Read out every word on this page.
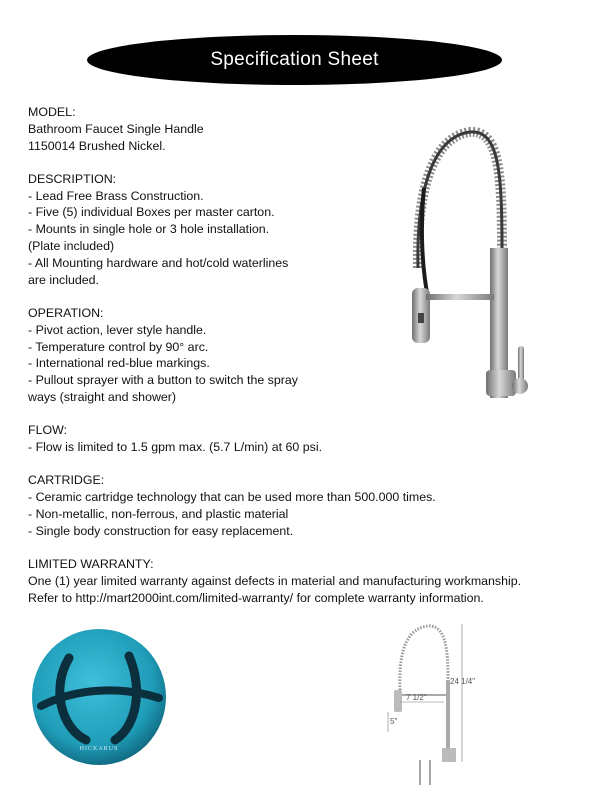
Specification Sheet
MODEL:
Bathroom Faucet Single Handle
1150014 Brushed Nickel.
DESCRIPTION:
- Lead Free Brass Construction.
- Five (5) individual Boxes per master carton.
- Mounts in single hole or 3 hole installation.
(Plate included)
- All Mounting hardware and hot/cold waterlines
are included.
OPERATION:
- Pivot action, lever style handle.
- Temperature control by 90° arc.
- International red-blue markings.
- Pullout sprayer with a button to switch the spray
ways (straight and shower)
FLOW:
- Flow is limited to 1.5 gpm max. (5.7 L/min) at 60 psi.
CARTRIDGE:
- Ceramic cartridge technology that can be used more than 500.000 times.
- Non-metallic, non-ferrous, and plastic material
- Single body construction for easy replacement.
LIMITED WARRANTY:
One (1) year limited warranty against defects in material and manufacturing workmanship.
Refer to http://mart2000int.com/limited-warranty/ for complete warranty information.
HICKARUS
24 1/4"
7 1/2"
5"
